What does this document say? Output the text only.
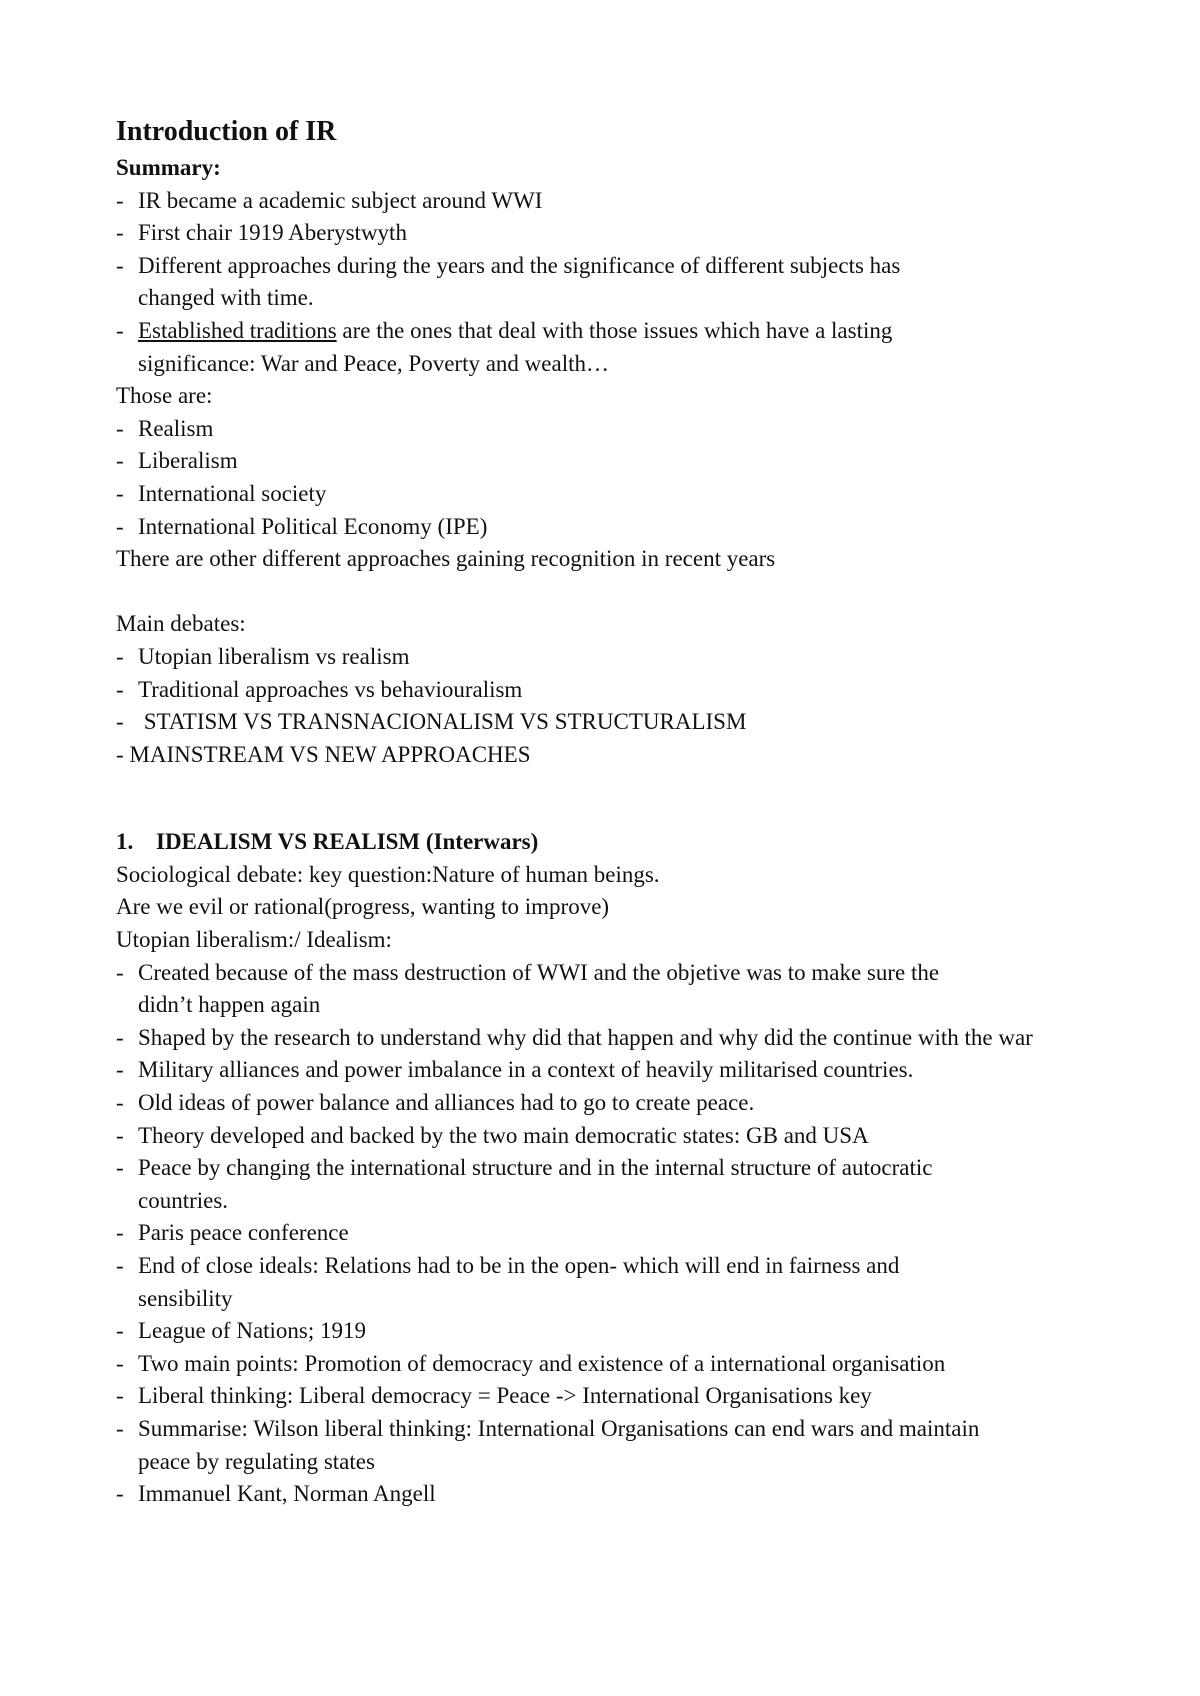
Introduction of IR

Summary:

- IR became a academic subject around WWI
- First chair 1919 Aberystwyth
- Different approaches during the years and the significance of different subjects has changed with time.
- Established traditions are the ones that deal with those issues which have a lasting significance: War and Peace, Poverty and wealth…

Those are:

- Realism
- Liberalism
- International society
- International Political Economy (IPE)

There are other different approaches gaining recognition in recent years

Main debates:

- Utopian liberalism vs realism
- Traditional approaches vs behaviouralism
-  STATISM VS TRANSNACIONALISM VS STRUCTURALISM

- MAINSTREAM VS NEW APPROACHES

1. IDEALISM VS REALISM (Interwars)

Sociological debate: key question:Nature of human beings.

Are we evil or rational(progress, wanting to improve)

Utopian liberalism:/ Idealism:

- Created because of the mass destruction of WWI and the objetive was to make sure the didn’t happen again
- Shaped by the research to understand why did that happen and why did the continue with the war
- Military alliances and power imbalance in a context of heavily militarised countries.
- Old ideas of power balance and alliances had to go to create peace.
- Theory developed and backed by the two main democratic states: GB and USA
- Peace by changing the international structure and in the internal structure of autocratic countries.
- Paris peace conference
- End of close ideals: Relations had to be in the open- which will end in fairness and sensibility
- League of Nations; 1919
- Two main points: Promotion of democracy and existence of a international organisation
- Liberal thinking: Liberal democracy = Peace -> International Organisations key
- Summarise: Wilson liberal thinking: International Organisations can end wars and maintain peace by regulating states
- Immanuel Kant, Norman Angell
